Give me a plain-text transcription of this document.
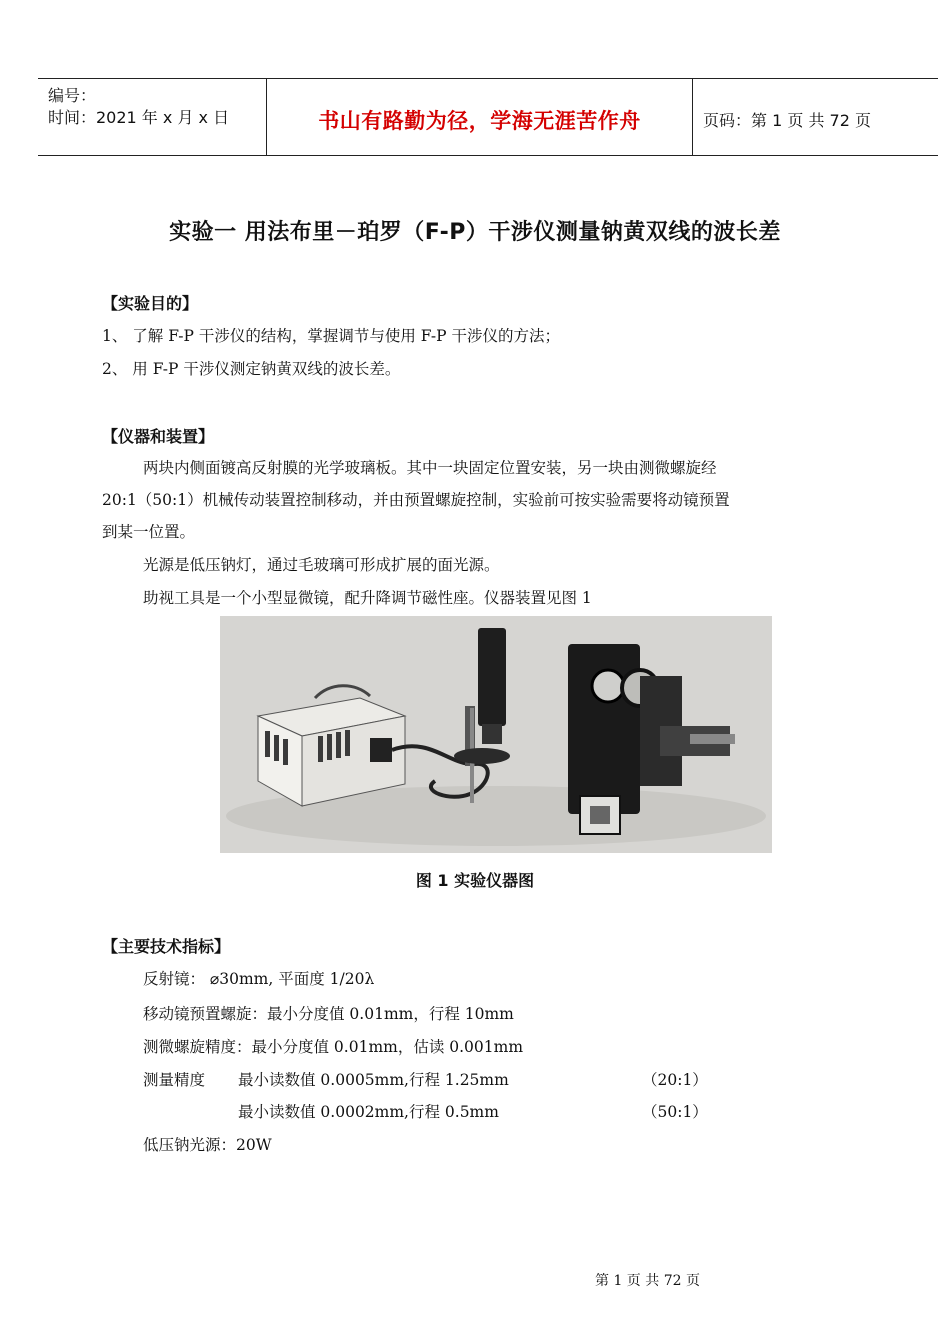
编号：
时间：2021 年 x 月 x 日	书山有路勤为径，学海无涯苦作舟	页码：第 1 页 共 72 页
实验一 用法布里－珀罗（F-P）干涉仪测量钠黄双线的波长差
【实验目的】
1、 了解 F-P 干涉仪的结构，掌握调节与使用 F-P 干涉仪的方法；
2、 用 F-P 干涉仪测定钠黄双线的波长差。
【仪器和装置】
两块内侧面镀高反射膜的光学玻璃板。其中一块固定位置安装，另一块由测微螺旋经
20:1（50:1）机械传动装置控制移动，并由预置螺旋控制，实验前可按实验需要将动镜预置
到某一位置。
光源是低压钠灯，通过毛玻璃可形成扩展的面光源。
助视工具是一个小型显微镜，配升降调节磁性座。仪器装置见图 1
图 1 实验仪器图
【主要技术指标】
反射镜： ⌀30mm, 平面度 1/20λ
移动镜预置螺旋：最小分度值 0.01mm，行程 10mm
测微螺旋精度：最小分度值 0.01mm，估读 0.001mm
测量精度 最小读数值 0.0005mm,行程 1.25mm	（20:1）
最小读数值 0.0002mm,行程 0.5mm	（50:1）
低压钠光源：20W
第 1 页 共 72 页
